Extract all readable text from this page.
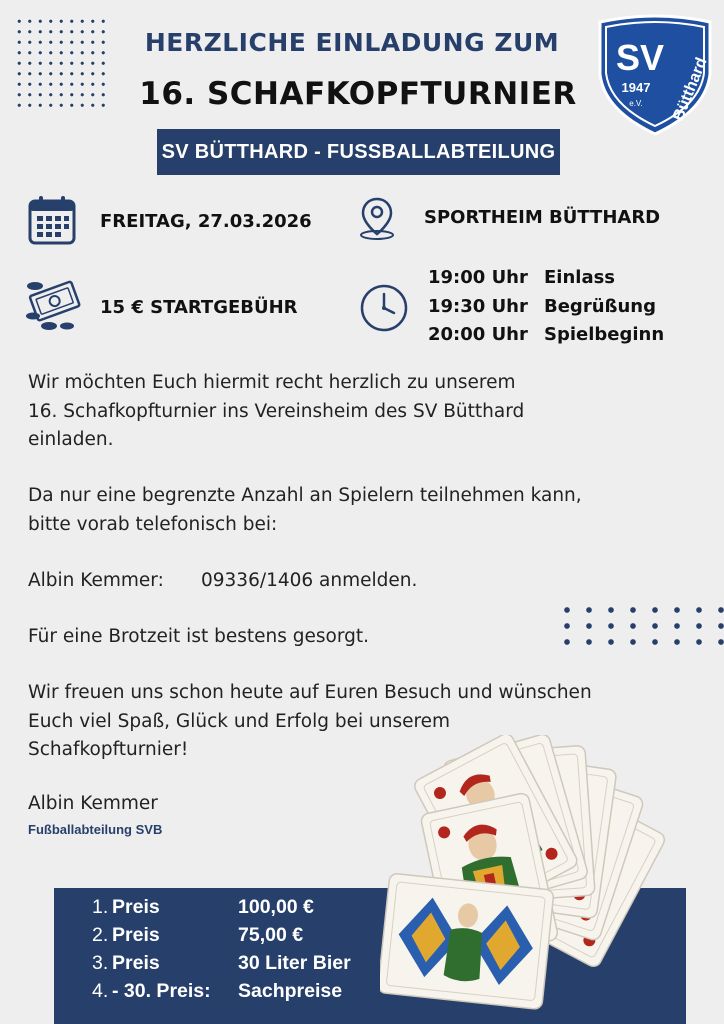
HERZLICHE EINLADUNG ZUM
16. SCHAFKOPFTURNIER
SV BÜTTHARD - FUSSBALLABTEILUNG
SV
1947
e.V. Bütthard
FREITAG, 27.03.2026	SPORTHEIM BÜTTHARD
15 € STARTGEBÜHR
19:00 Uhr Einlass
19:30 Uhr Begrüßung
20:00 Uhr Spielbeginn
Wir möchten Euch hiermit recht herzlich zu unserem
16. Schafkopfturnier ins Vereinsheim des SV Bütthard
einladen.
Da nur eine begrenzte Anzahl an Spielern teilnehmen kann,
bitte vorab telefonisch bei:
Albin Kemmer: 09336/1406 anmelden.
Für eine Brotzeit ist bestens gesorgt.
Wir freuen uns schon heute auf Euren Besuch und wünschen
Euch viel Spaß, Glück und Erfolg bei unserem
Schafkopfturnier!
Albin Kemmer
Fußballabteilung SVB
1. Preis	100,00 €
2. Preis	75,00 €
3. Preis	30 Liter Bier
4.- 30. Preis: Sachpreise
